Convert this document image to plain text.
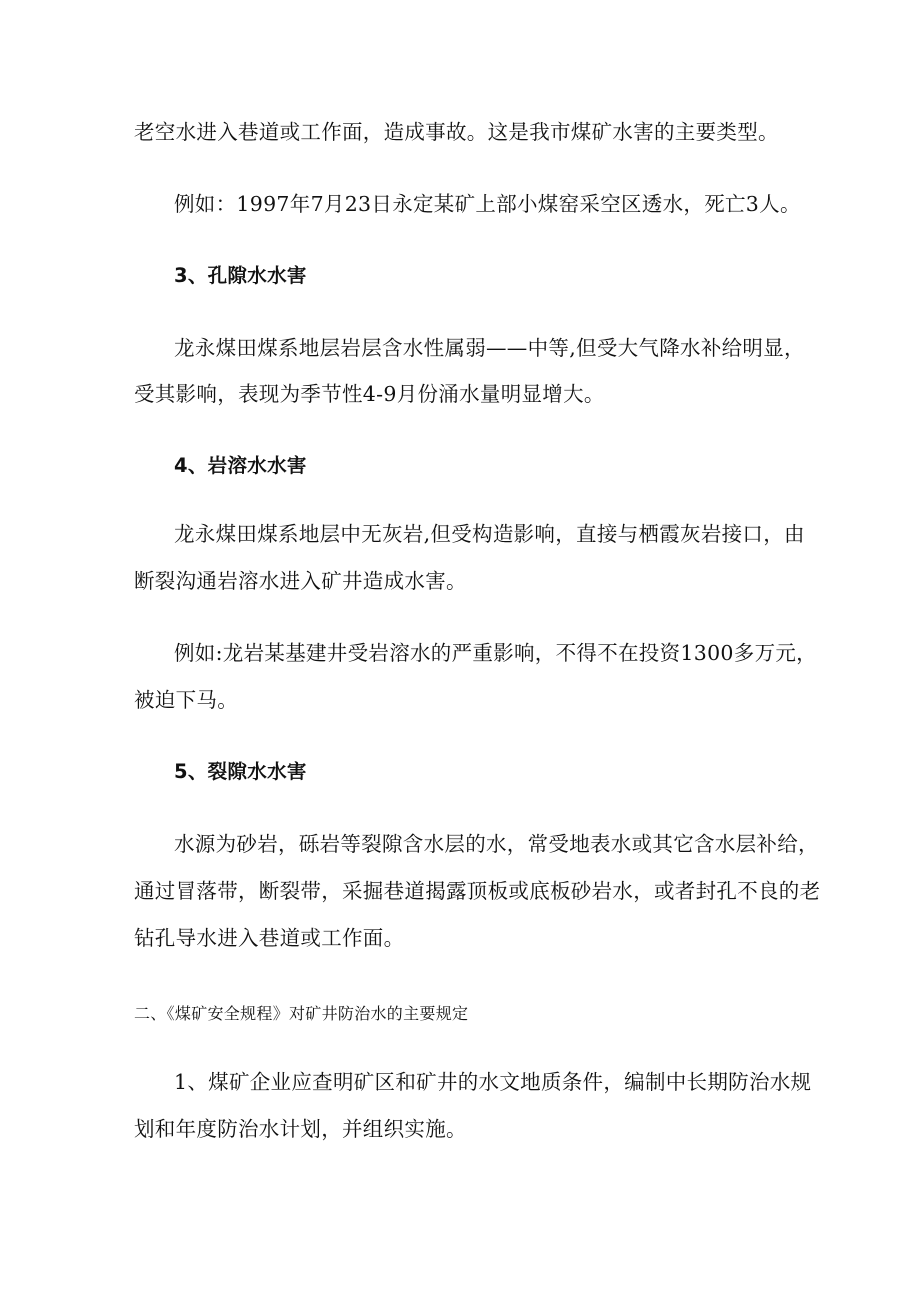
老空水进入巷道或工作面，造成事故。这是我市煤矿水害的主要类型。
例如：1997年7月23日永定某矿上部小煤窑采空区透水，死亡3人。
3、孔隙水水害
龙永煤田煤系地层岩层含水性属弱——中等,但受大气降水补给明显，
受其影响，表现为季节性4-9月份涌水量明显增大。
4、岩溶水水害
龙永煤田煤系地层中无灰岩,但受构造影响，直接与栖霞灰岩接口，由
断裂沟通岩溶水进入矿井造成水害。
例如:龙岩某基建井受岩溶水的严重影响，不得不在投资1300多万元，
被迫下马。
5、裂隙水水害
水源为砂岩，砾岩等裂隙含水层的水，常受地表水或其它含水层补给，
通过冒落带，断裂带，采掘巷道揭露顶板或底板砂岩水，或者封孔不良的老
钻孔导水进入巷道或工作面。
二、《煤矿安全规程》对矿井防治水的主要规定
1、煤矿企业应查明矿区和矿井的水文地质条件，编制中长期防治水规
划和年度防治水计划，并组织实施。
